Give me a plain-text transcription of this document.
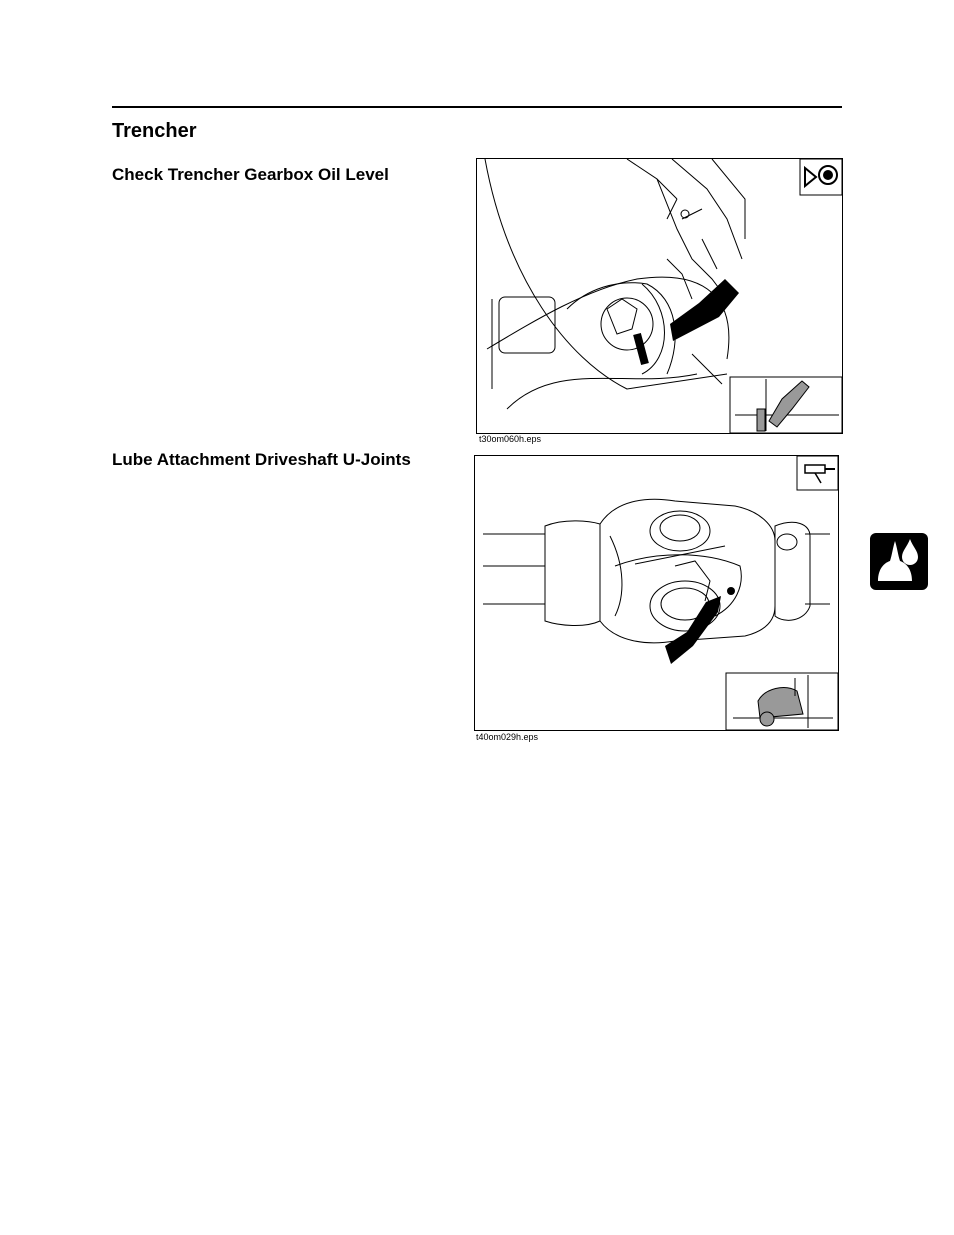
Trencher
Check Trencher Gearbox Oil Level
t30om060h.eps
Lube Attachment Driveshaft U-Joints
t40om029h.eps
